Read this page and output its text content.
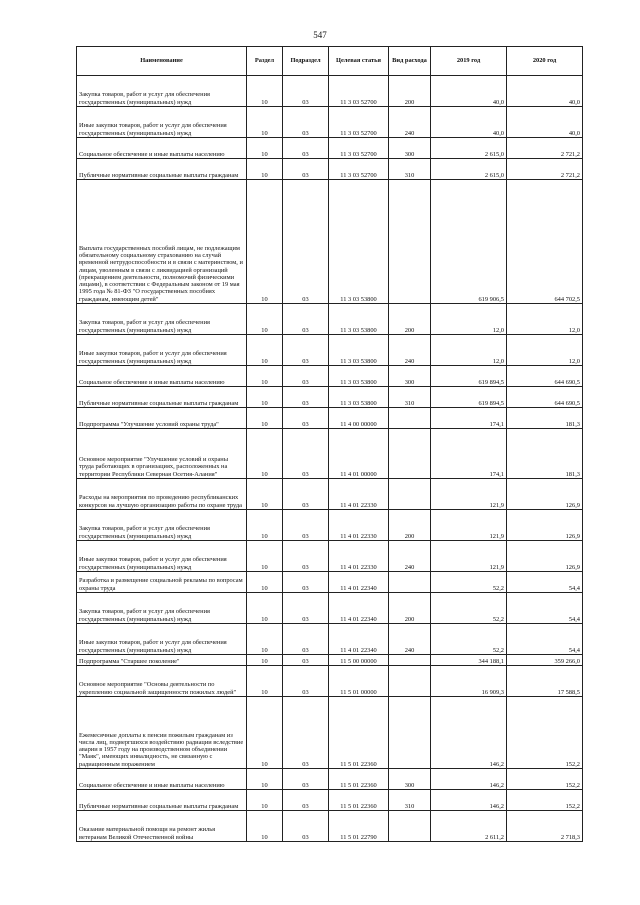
547
Наименование	Раздел	Подраздел	Целевая статья	Вид расхода	2019 год	2020 год

Закупка товаров, работ и услуг для обеспечения государственных (муниципальных) нужд	10	03	11 3 03 52700	200	40,0	40,0

Иные закупки товаров, работ и услуг для обеспечения государственных (муниципальных) нужд	10	03	11 3 03 52700	240	40,0	40,0

Социальное обеспечение и иные выплаты населению	10	03	11 3 03 52700	300	2 615,0	2 721,2

Публичные нормативные социальные выплаты гражданам	10	03	11 3 03 52700	310	2 615,0	2 721,2

Выплата государственных пособий лицам, не подлежащим обязательному социальному страхованию на случай временной нетрудоспособности и в связи с материнством, и лицам, уволенным в связи с ликвидацией организаций (прекращением деятельности, полномочий физическими лицами), в соответствии с Федеральным законом от 19 мая 1995 года № 81-ФЗ "О государственных пособиях гражданам, имеющим детей"	10	03	11 3 03 53800		619 906,5	644 702,5

Закупка товаров, работ и услуг для обеспечения государственных (муниципальных) нужд	10	03	11 3 03 53800	200	12,0	12,0

Иные закупки товаров, работ и услуг для обеспечения государственных (муниципальных) нужд	10	03	11 3 03 53800	240	12,0	12,0

Социальное обеспечение и иные выплаты населению	10	03	11 3 03 53800	300	619 894,5	644 690,5

Публичные нормативные социальные выплаты гражданам	10	03	11 3 03 53800	310	619 894,5	644 690,5

Подпрограмма "Улучшение условий охраны труда"	10	03	11 4 00 00000		174,1	181,3

Основное мероприятие "Улучшение условий и охраны труда работающих в организациях, расположенных на территории Республики Северная Осетия-Алания"	10	03	11 4 01 00000		174,1	181,3

Расходы на мероприятия по проведению республиканских конкурсов на лучшую организацию работы по охране труда	10	03	11 4 01 22330		121,9	126,9

Закупка товаров, работ и услуг для обеспечения государственных (муниципальных) нужд	10	03	11 4 01 22330	200	121,9	126,9

Иные закупки товаров, работ и услуг для обеспечения государственных (муниципальных) нужд	10	03	11 4 01 22330	240	121,9	126,9

Разработка и размещение социальной рекламы по вопросам охраны труда	10	03	11 4 01 22340		52,2	54,4

Закупка товаров, работ и услуг для обеспечения государственных (муниципальных) нужд	10	03	11 4 01 22340	200	52,2	54,4

Иные закупки товаров, работ и услуг для обеспечения государственных (муниципальных) нужд	10	03	11 4 01 22340	240	52,2	54,4

Подпрограмма "Старшее поколение"	10	03	11 5 00 00000		344 188,1	359 266,0

Основное мероприятие "Основы деятельности по укреплению социальной защищенности пожилых людей"	10	03	11 5 01 00000		16 909,3	17 588,5

Ежемесячные доплаты к пенсии пожилым гражданам из числа лиц, подвергшихся воздействию радиации вследствие аварии в 1957 году на производственном объединении "Маяк", имеющих инвалидность, не связанную с радиационным поражением	10	03	11 5 01 22360		146,2	152,2

Социальное обеспечение и иные выплаты населению	10	03	11 5 01 22360	300	146,2	152,2

Публичные нормативные социальные выплаты гражданам	10	03	11 5 01 22360	310	146,2	152,2

Оказание материальной помощи на ремонт жилья ветеранам Великой Отечественной войны	10	03	11 5 01 22790		2 611,2	2 718,3
